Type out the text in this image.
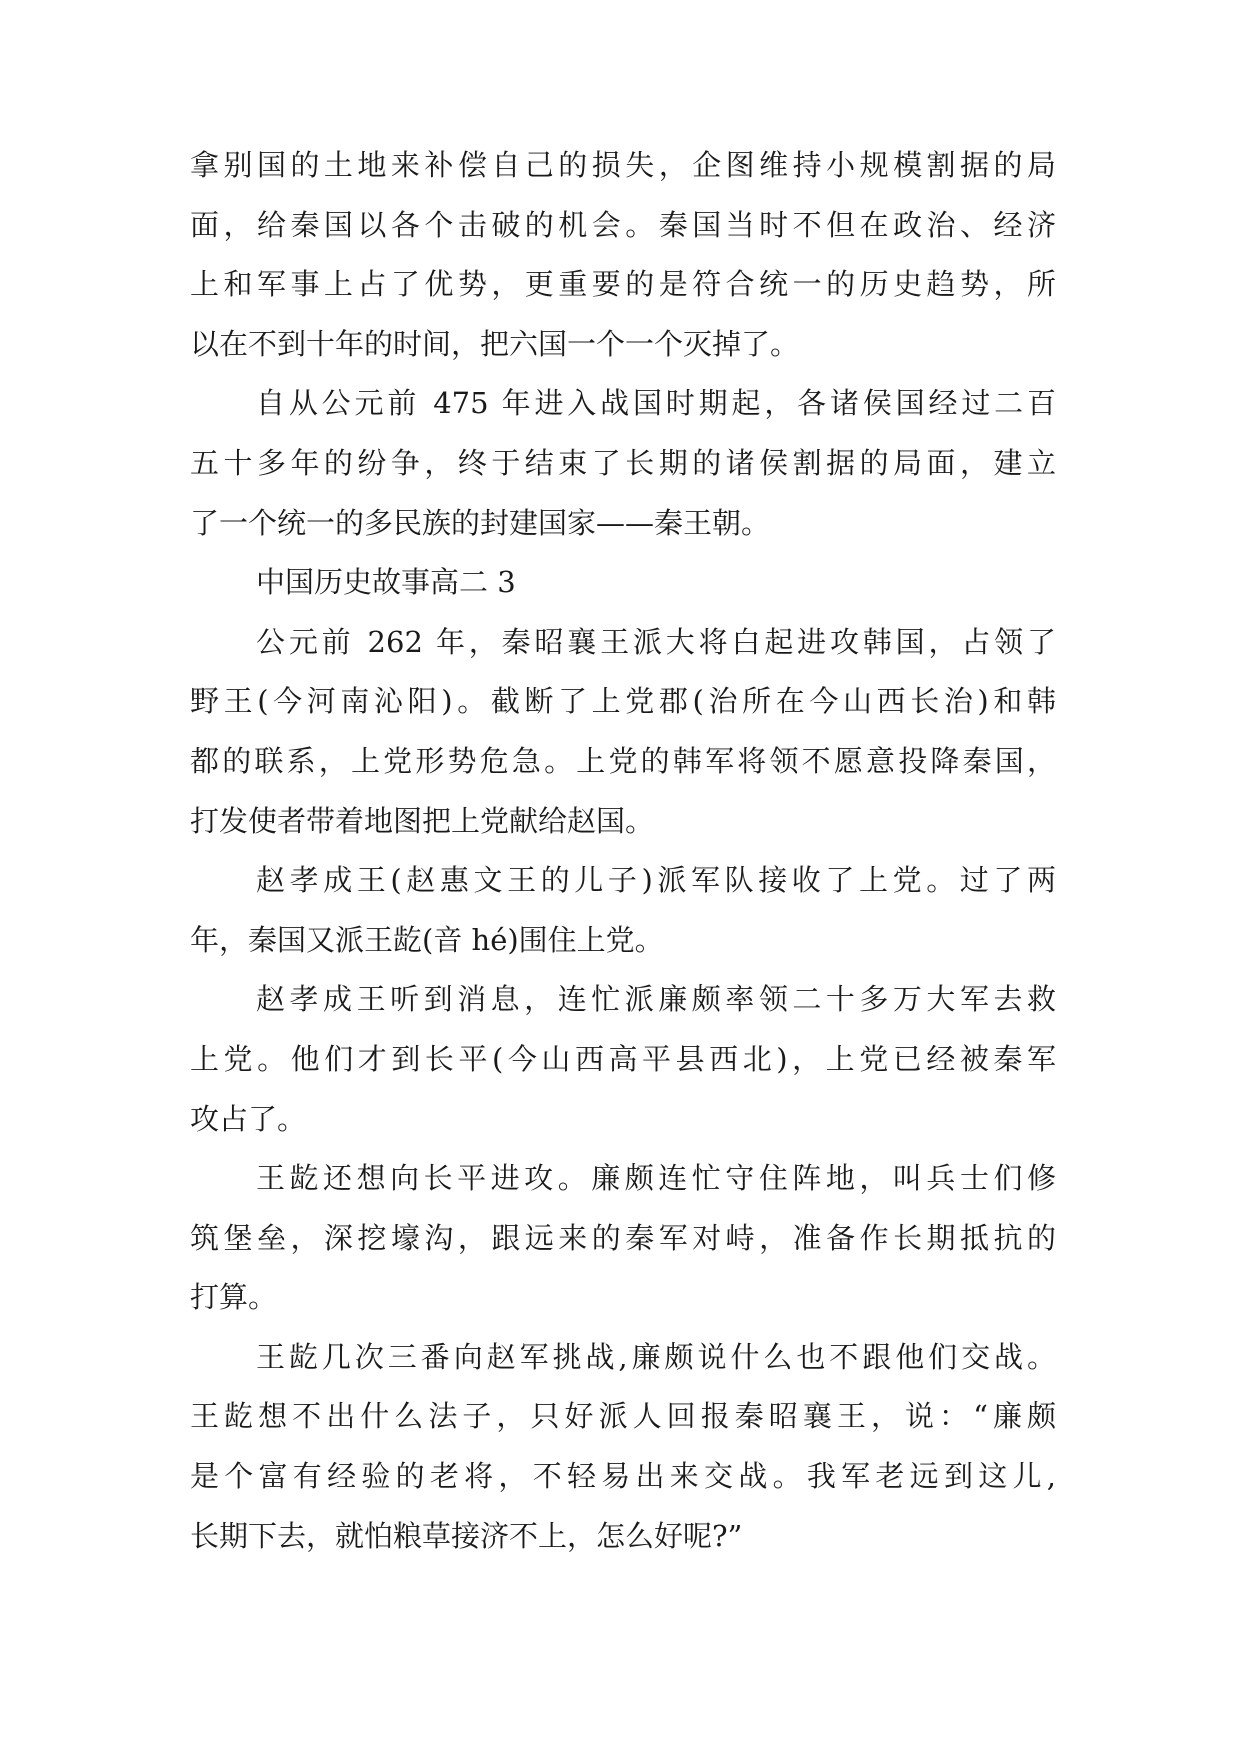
拿别国的土地来补偿自己的损失，企图维持小规模割据的局
面，给秦国以各个击破的机会。秦国当时不但在政治、经济
上和军事上占了优势，更重要的是符合统一的历史趋势，所
以在不到十年的时间，把六国一个一个灭掉了。
自从公元前 475 年进入战国时期起，各诸侯国经过二百
五十多年的纷争，终于结束了长期的诸侯割据的局面，建立
了一个统一的多民族的封建国家——秦王朝。
中国历史故事高二 3
公元前 262 年，秦昭襄王派大将白起进攻韩国，占领了
野王(今河南沁阳)。截断了上党郡(治所在今山西长治)和韩
都的联系，上党形势危急。上党的韩军将领不愿意投降秦国，
打发使者带着地图把上党献给赵国。
赵孝成王(赵惠文王的儿子)派军队接收了上党。过了两
年，秦国又派王龁(音 hé)围住上党。
赵孝成王听到消息，连忙派廉颇率领二十多万大军去救
上党。他们才到长平(今山西高平县西北)，上党已经被秦军
攻占了。
王龁还想向长平进攻。廉颇连忙守住阵地，叫兵士们修
筑堡垒，深挖壕沟，跟远来的秦军对峙，准备作长期抵抗的
打算。
王龁几次三番向赵军挑战,廉颇说什么也不跟他们交战。
王龁想不出什么法子，只好派人回报秦昭襄王，说：“廉颇
是个富有经验的老将，不轻易出来交战。我军老远到这儿,
长期下去，就怕粮草接济不上，怎么好呢?”
